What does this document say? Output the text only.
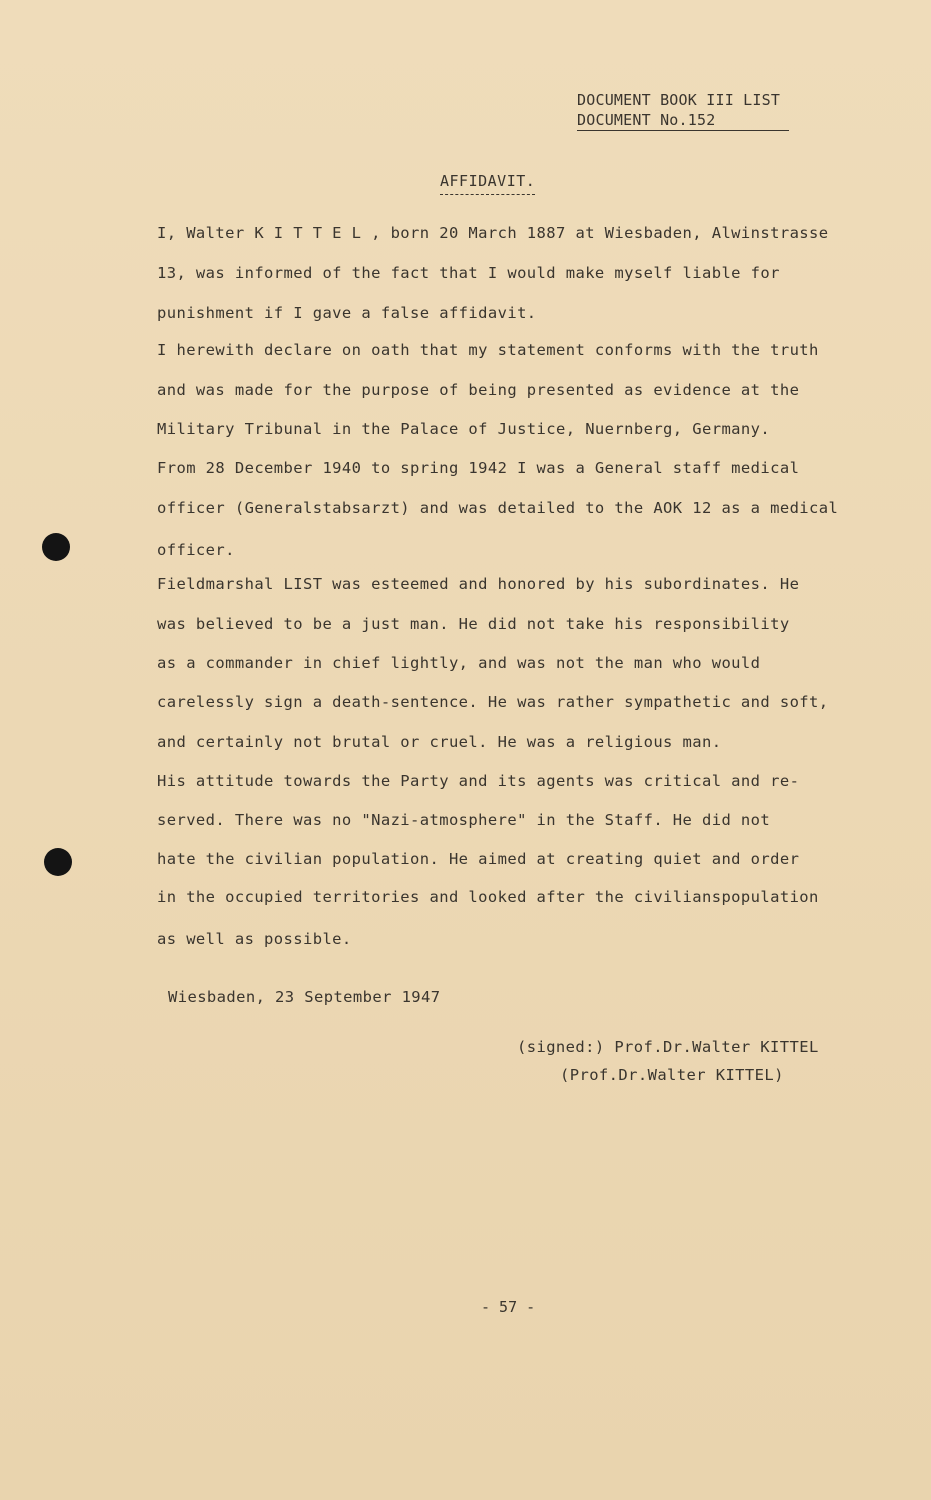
DOCUMENT BOOK III LIST
DOCUMENT No.152
AFFIDAVIT.
I, Walter K I T T E L , born 20 March 1887 at Wiesbaden, Alwinstrasse
13, was informed of the fact that I would make myself liable for
punishment if I gave a false affidavit.
I herewith declare on oath that my statement conforms with the truth
and was made for the purpose of being presented as evidence at the
Military Tribunal in the Palace of Justice, Nuernberg, Germany.
From 28 December 1940 to spring 1942 I was a General staff medical
officer (Generalstabsarzt) and was detailed to the AOK 12 as a medical
officer.
Fieldmarshal LIST was esteemed and honored by his subordinates. He
was believed to be a just man. He did not take his responsibility
as a commander in chief lightly, and was not the man who would
carelessly sign a death-sentence. He was rather sympathetic and soft,
and certainly not brutal or cruel. He was a religious man.
His attitude towards the Party and its agents was critical and re-
served. There was no "Nazi-atmosphere" in the Staff. He did not
hate the civilian population. He aimed at creating quiet and order
in the occupied territories and looked after the civilianspopulation
as well as possible.
Wiesbaden, 23 September 1947
(signed:) Prof.Dr.Walter KITTEL
(Prof.Dr.Walter KITTEL)
- 57 -
